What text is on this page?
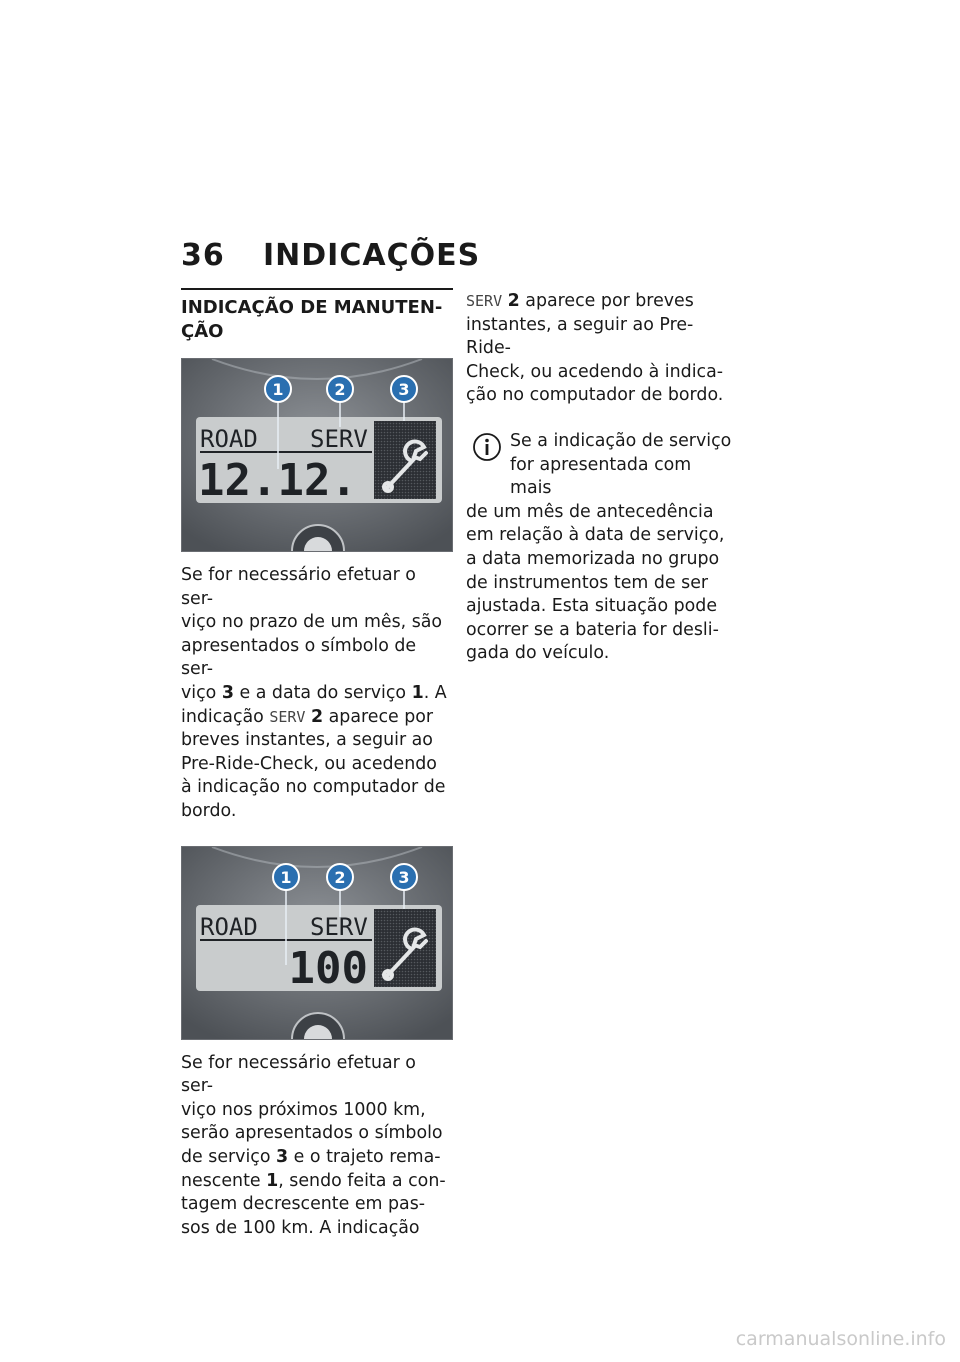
36 INDICAÇÕES
INDICAÇÃO DE MANUTEN-
ÇÃO
ROAD SERV
12.12.
1	2	3

Se for necessário efetuar o ser-

viço no prazo de um mês, são

apresentados o símbolo de ser-

viço 3 e a data do serviço 1. A

indicação SERV 2 aparece por

breves instantes, a seguir ao

Pre-Ride-Check, ou acedendo

à indicação no computador de

bordo.

ROAD SERV
100
1	2	3

Se for necessário efetuar o ser-

viço nos próximos 1000 km,

serão apresentados o símbolo

de serviço 3 e o trajeto rema-

nescente 1, sendo feita a con-

tagem decrescente em pas-

sos de 100 km. A indicação

SERV 2 aparece por breves

instantes, a seguir ao Pre-Ride-

Check, ou acedendo à indica-

ção no computador de bordo.

Se a indicação de serviço

for apresentada com mais

de um mês de antecedência

em relação à data de serviço,

a data memorizada no grupo

de instrumentos tem de ser

ajustada. Esta situação pode

ocorrer se a bateria for desli-

gada do veículo.

carmanualsonline.info
